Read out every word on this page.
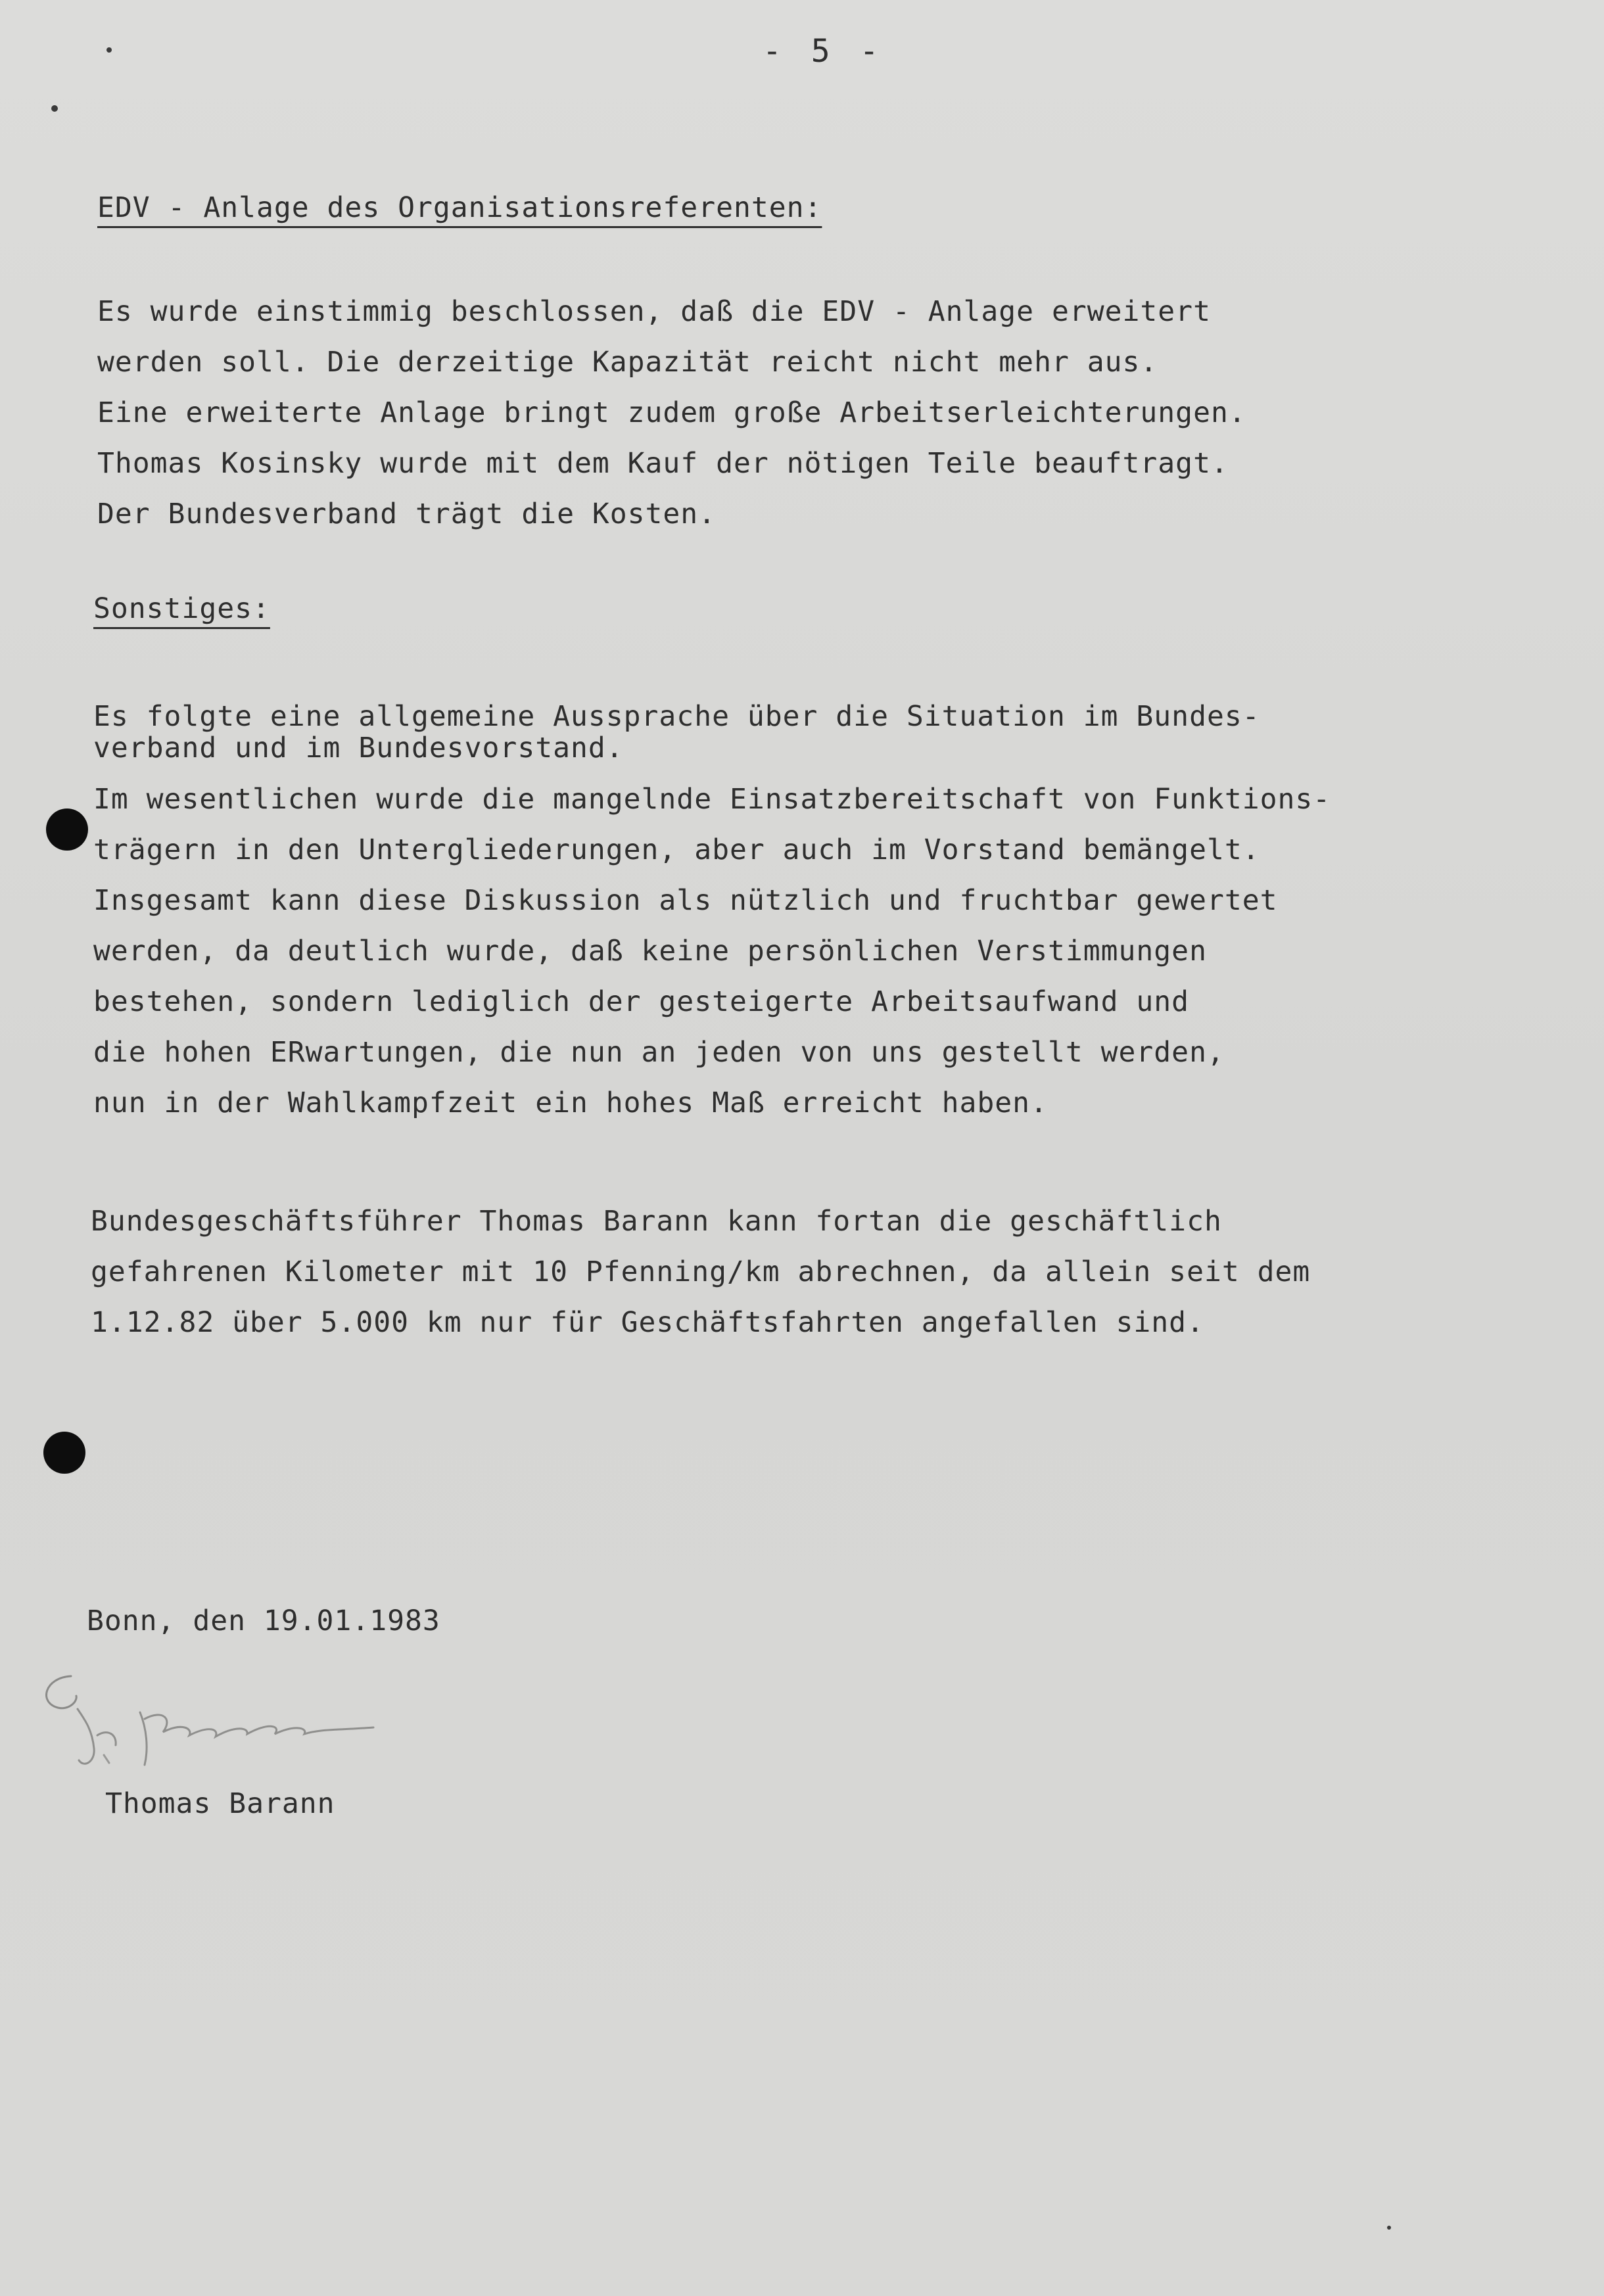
- 5 -
EDV - Anlage des Organisationsreferenten:
Es wurde einstimmig beschlossen, daß die EDV - Anlage erweitert
werden soll. Die derzeitige Kapazität reicht nicht mehr aus.
Eine erweiterte Anlage bringt zudem große Arbeitserleichterungen.
Thomas Kosinsky wurde mit dem Kauf der nötigen Teile beauftragt.
Der Bundesverband trägt die Kosten.
Sonstiges:
Es folgte eine allgemeine Aussprache über die Situation im Bundes-
verband und im Bundesvorstand.
Im wesentlichen wurde die mangelnde Einsatzbereitschaft von Funktions-
trägern in den Untergliederungen, aber auch im Vorstand bemängelt.
Insgesamt kann diese Diskussion als nützlich und fruchtbar gewertet
werden, da deutlich wurde, daß keine persönlichen Verstimmungen
bestehen, sondern lediglich der gesteigerte Arbeitsaufwand und
die hohen ERwartungen, die nun an jeden von uns gestellt werden,
nun in der Wahlkampfzeit ein hohes Maß erreicht haben.
Bundesgeschäftsführer Thomas Barann kann fortan die geschäftlich
gefahrenen Kilometer mit 10 Pfenning/km abrechnen, da allein seit dem
1.12.82 über 5.000 km nur für Geschäftsfahrten angefallen sind.
Bonn, den 19.01.1983
Thomas Barann
